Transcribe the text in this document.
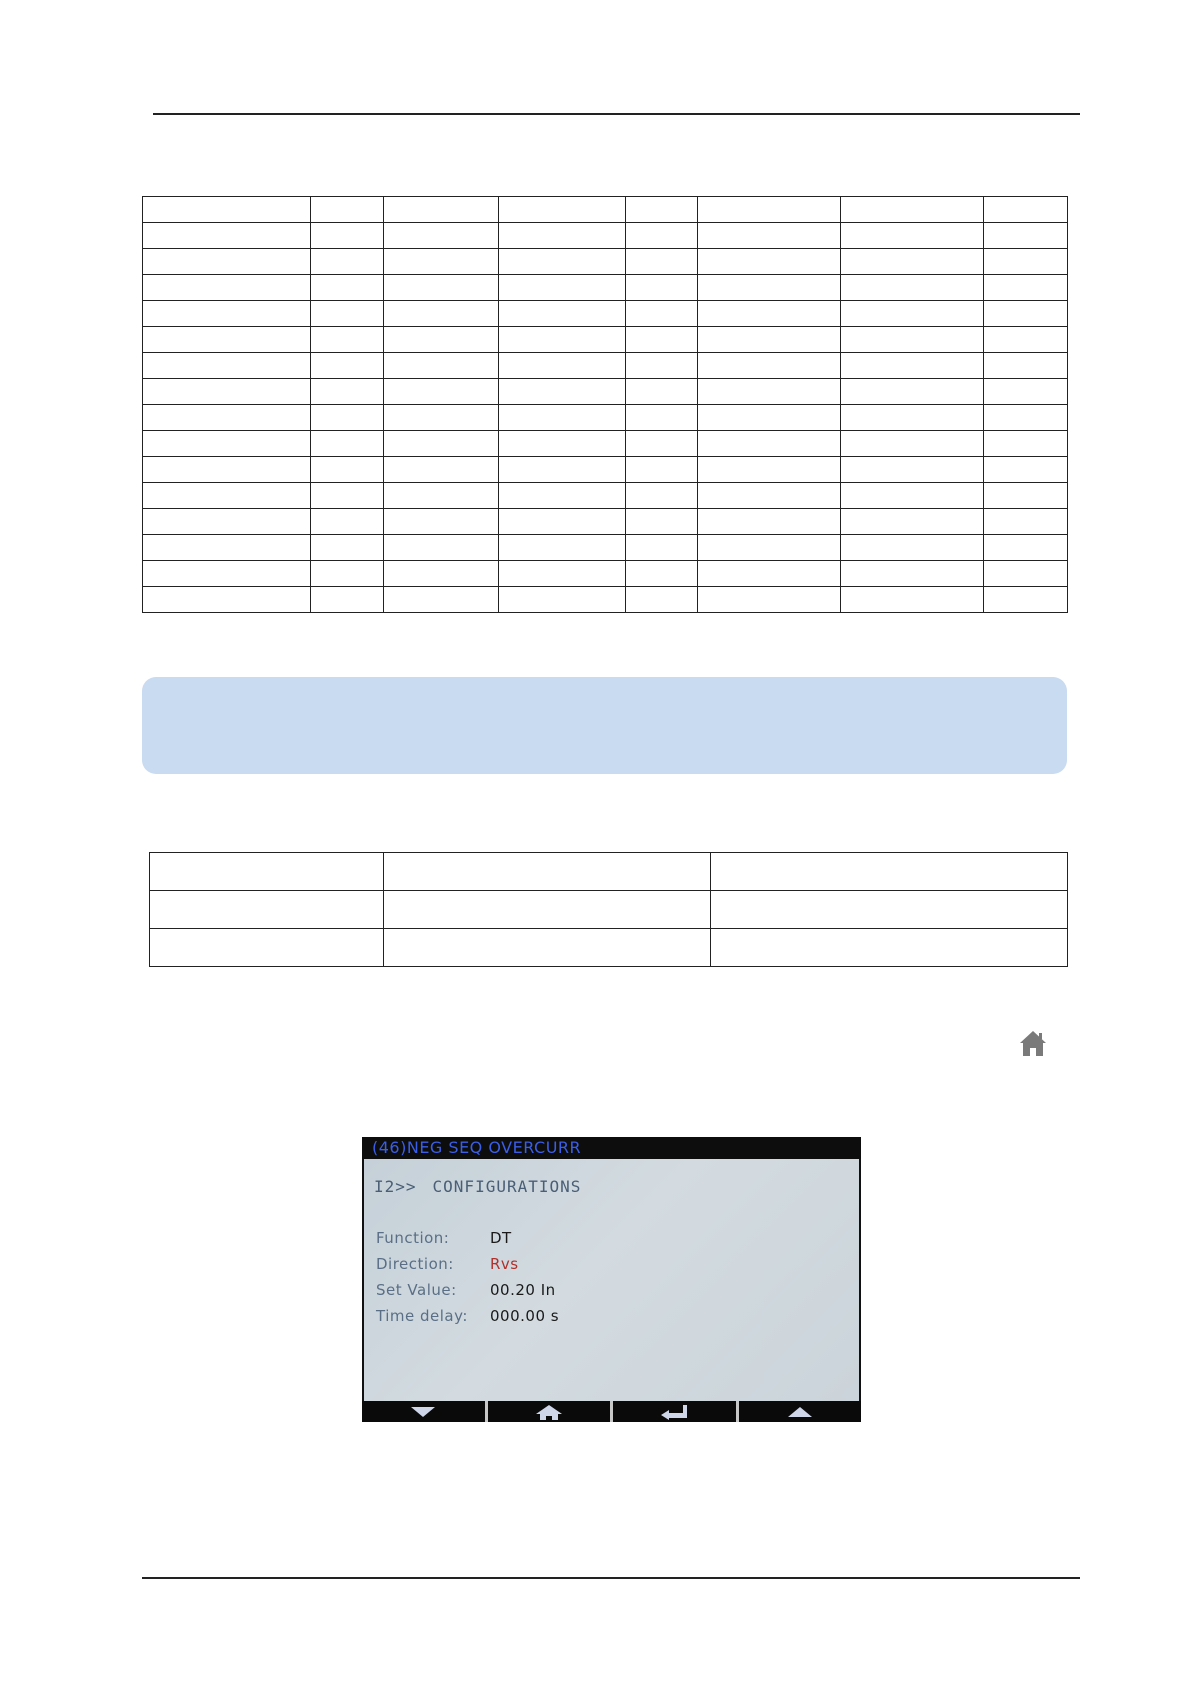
(46)NEG SEQ OVERCURR
I2>> CONFIGURATIONS
Function:	DT
Direction: Rvs
Set Value: 00.20 In
Time delay: 000.00 s
